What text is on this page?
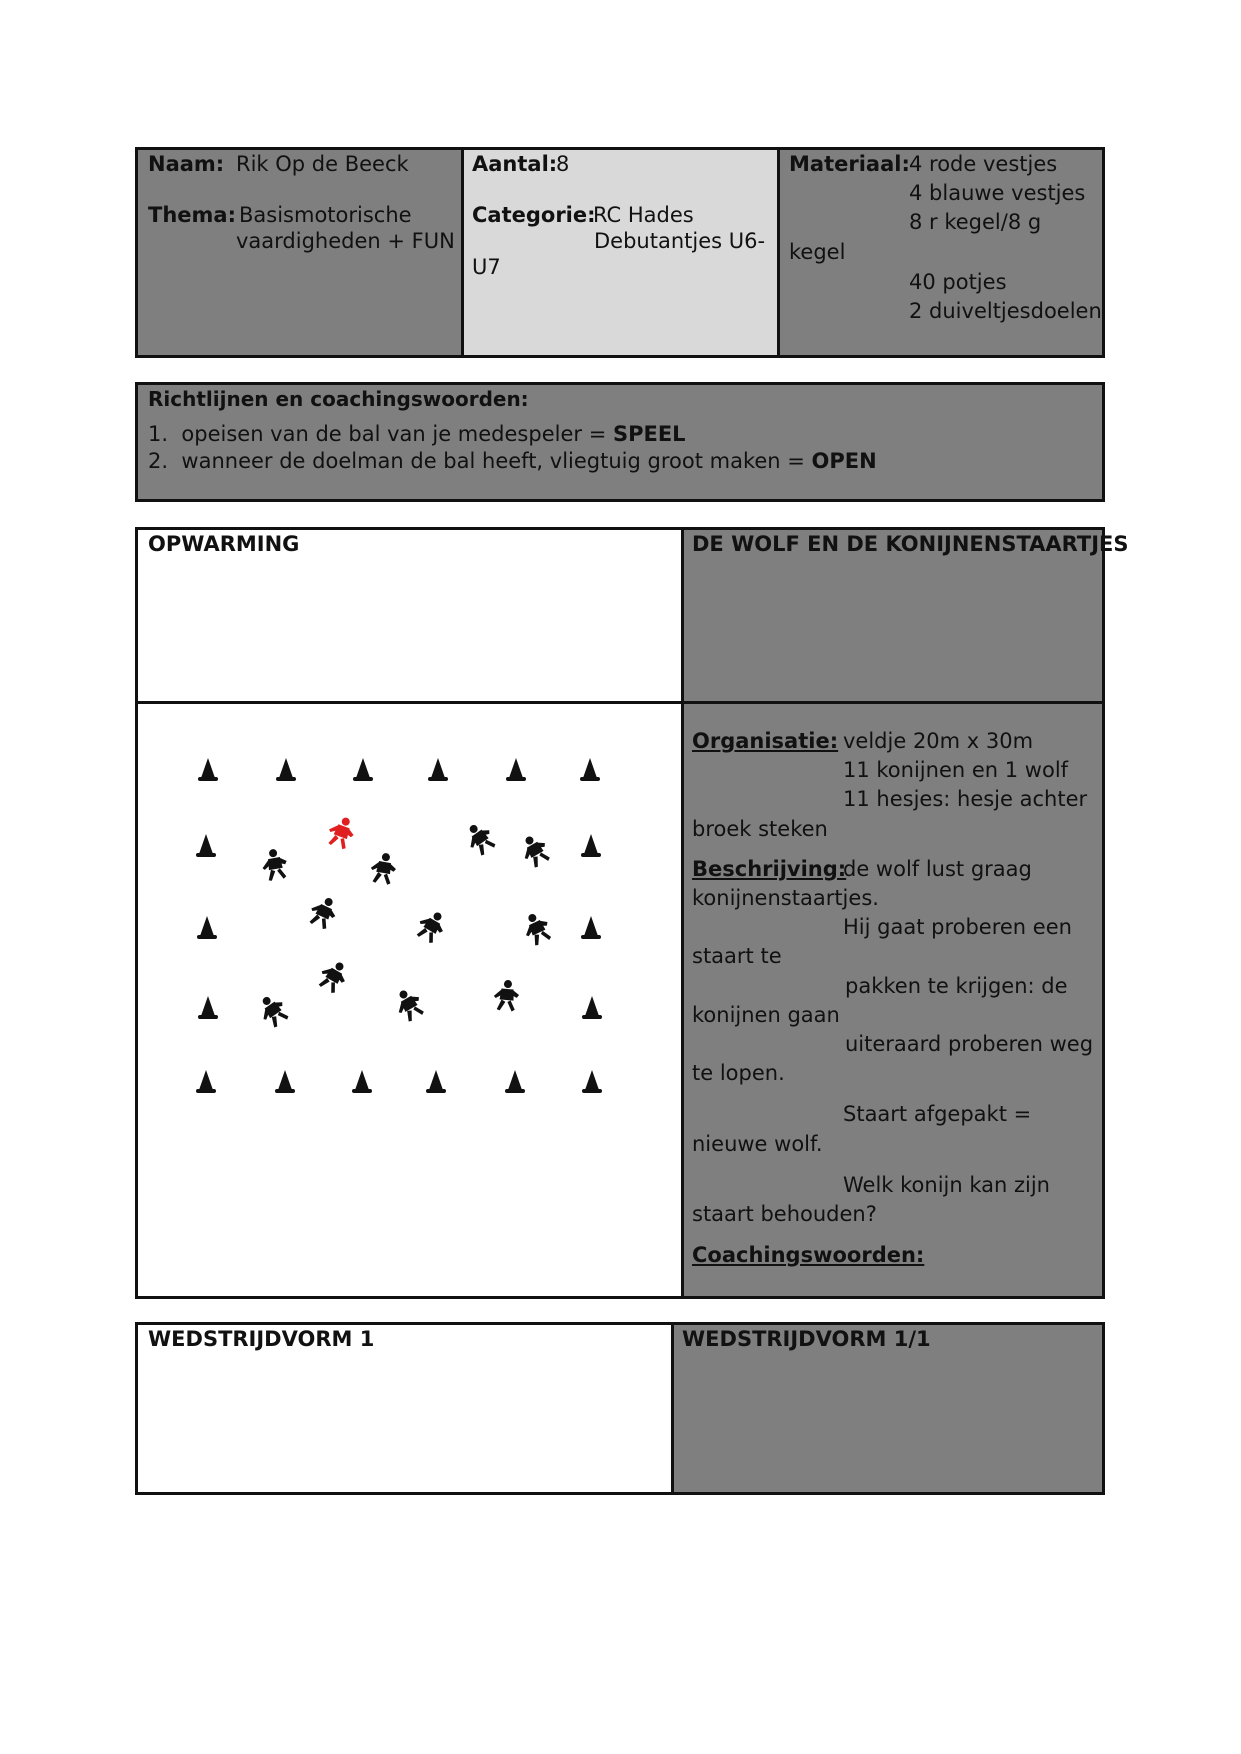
Naam: Rik Op de Beeck
Thema: Basismotorische
vaardigheden + FUN
Aantal:
8
Categorie:
RC Hades
Debutantjes U6-
U7
Materiaal: 4 rode vestjes
4 blauwe vestjes
8 r kegel/8 g
kegel
40 potjes
2 duiveltjesdoelen
Richtlijnen en coachingswoorden:
1. opeisen van de bal van je medespeler = SPEEL
2. wanneer de doelman de bal heeft, vliegtuig groot maken = OPEN
OPWARMING	DE WOLF EN DE KONIJNENSTAARTJES
Organisatie: veldje 20m x 30m
11 konijnen en 1 wolf
11 hesjes: hesje achter
broek steken
Beschrijving:
de wolf lust graag
konijnenstaartjes.
Hij gaat proberen een
staart te
pakken te krijgen: de
konijnen gaan
uiteraard proberen weg
te lopen.
Staart afgepakt =
nieuwe wolf.
Welk konijn kan zijn
staart behouden?
Coachingswoorden:
WEDSTRIJDVORM 1	WEDSTRIJDVORM 1/1
